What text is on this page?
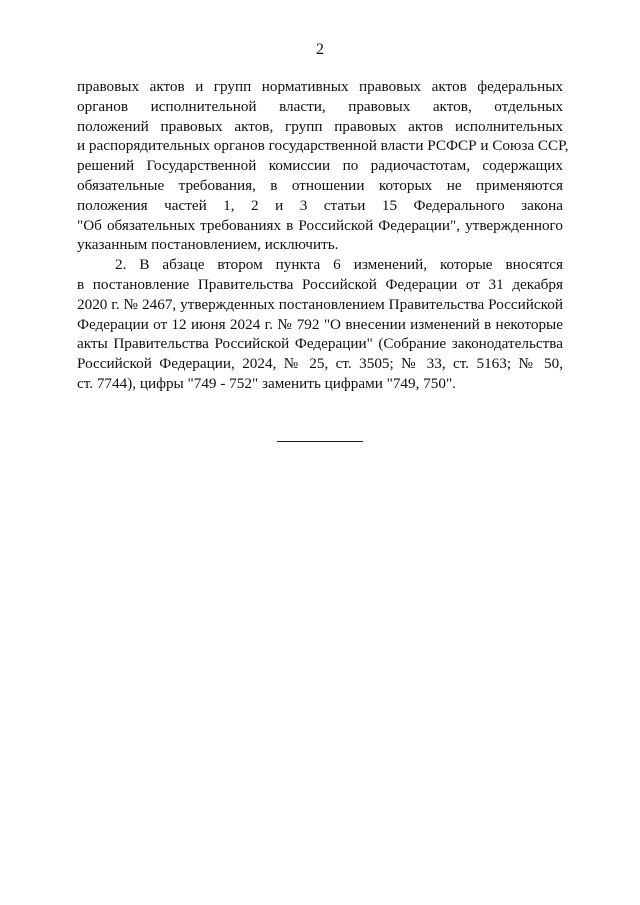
2
правовых актов и групп нормативных правовых актов федеральных
органов исполнительной власти, правовых актов, отдельных
положений правовых актов, групп правовых актов исполнительных
и распорядительных органов государственной власти РСФСР и Союза ССР,
решений Государственной комиссии по радиочастотам, содержащих
обязательные требования, в отношении которых не применяются
положения частей 1, 2 и 3 статьи 15 Федерального закона
"Об обязательных требованиях в Российской Федерации", утвержденного
указанным постановлением, исключить.
2. В абзаце втором пункта 6 изменений, которые вносятся
в постановление Правительства Российской Федерации от 31 декабря
2020 г. № 2467, утвержденных постановлением Правительства Российской
Федерации от 12 июня 2024 г. № 792 "О внесении изменений в некоторые
акты Правительства Российской Федерации" (Собрание законодательства
Российской Федерации, 2024, № 25, ст. 3505; № 33, ст. 5163; № 50,
ст. 7744), цифры "749 - 752" заменить цифрами "749, 750".
